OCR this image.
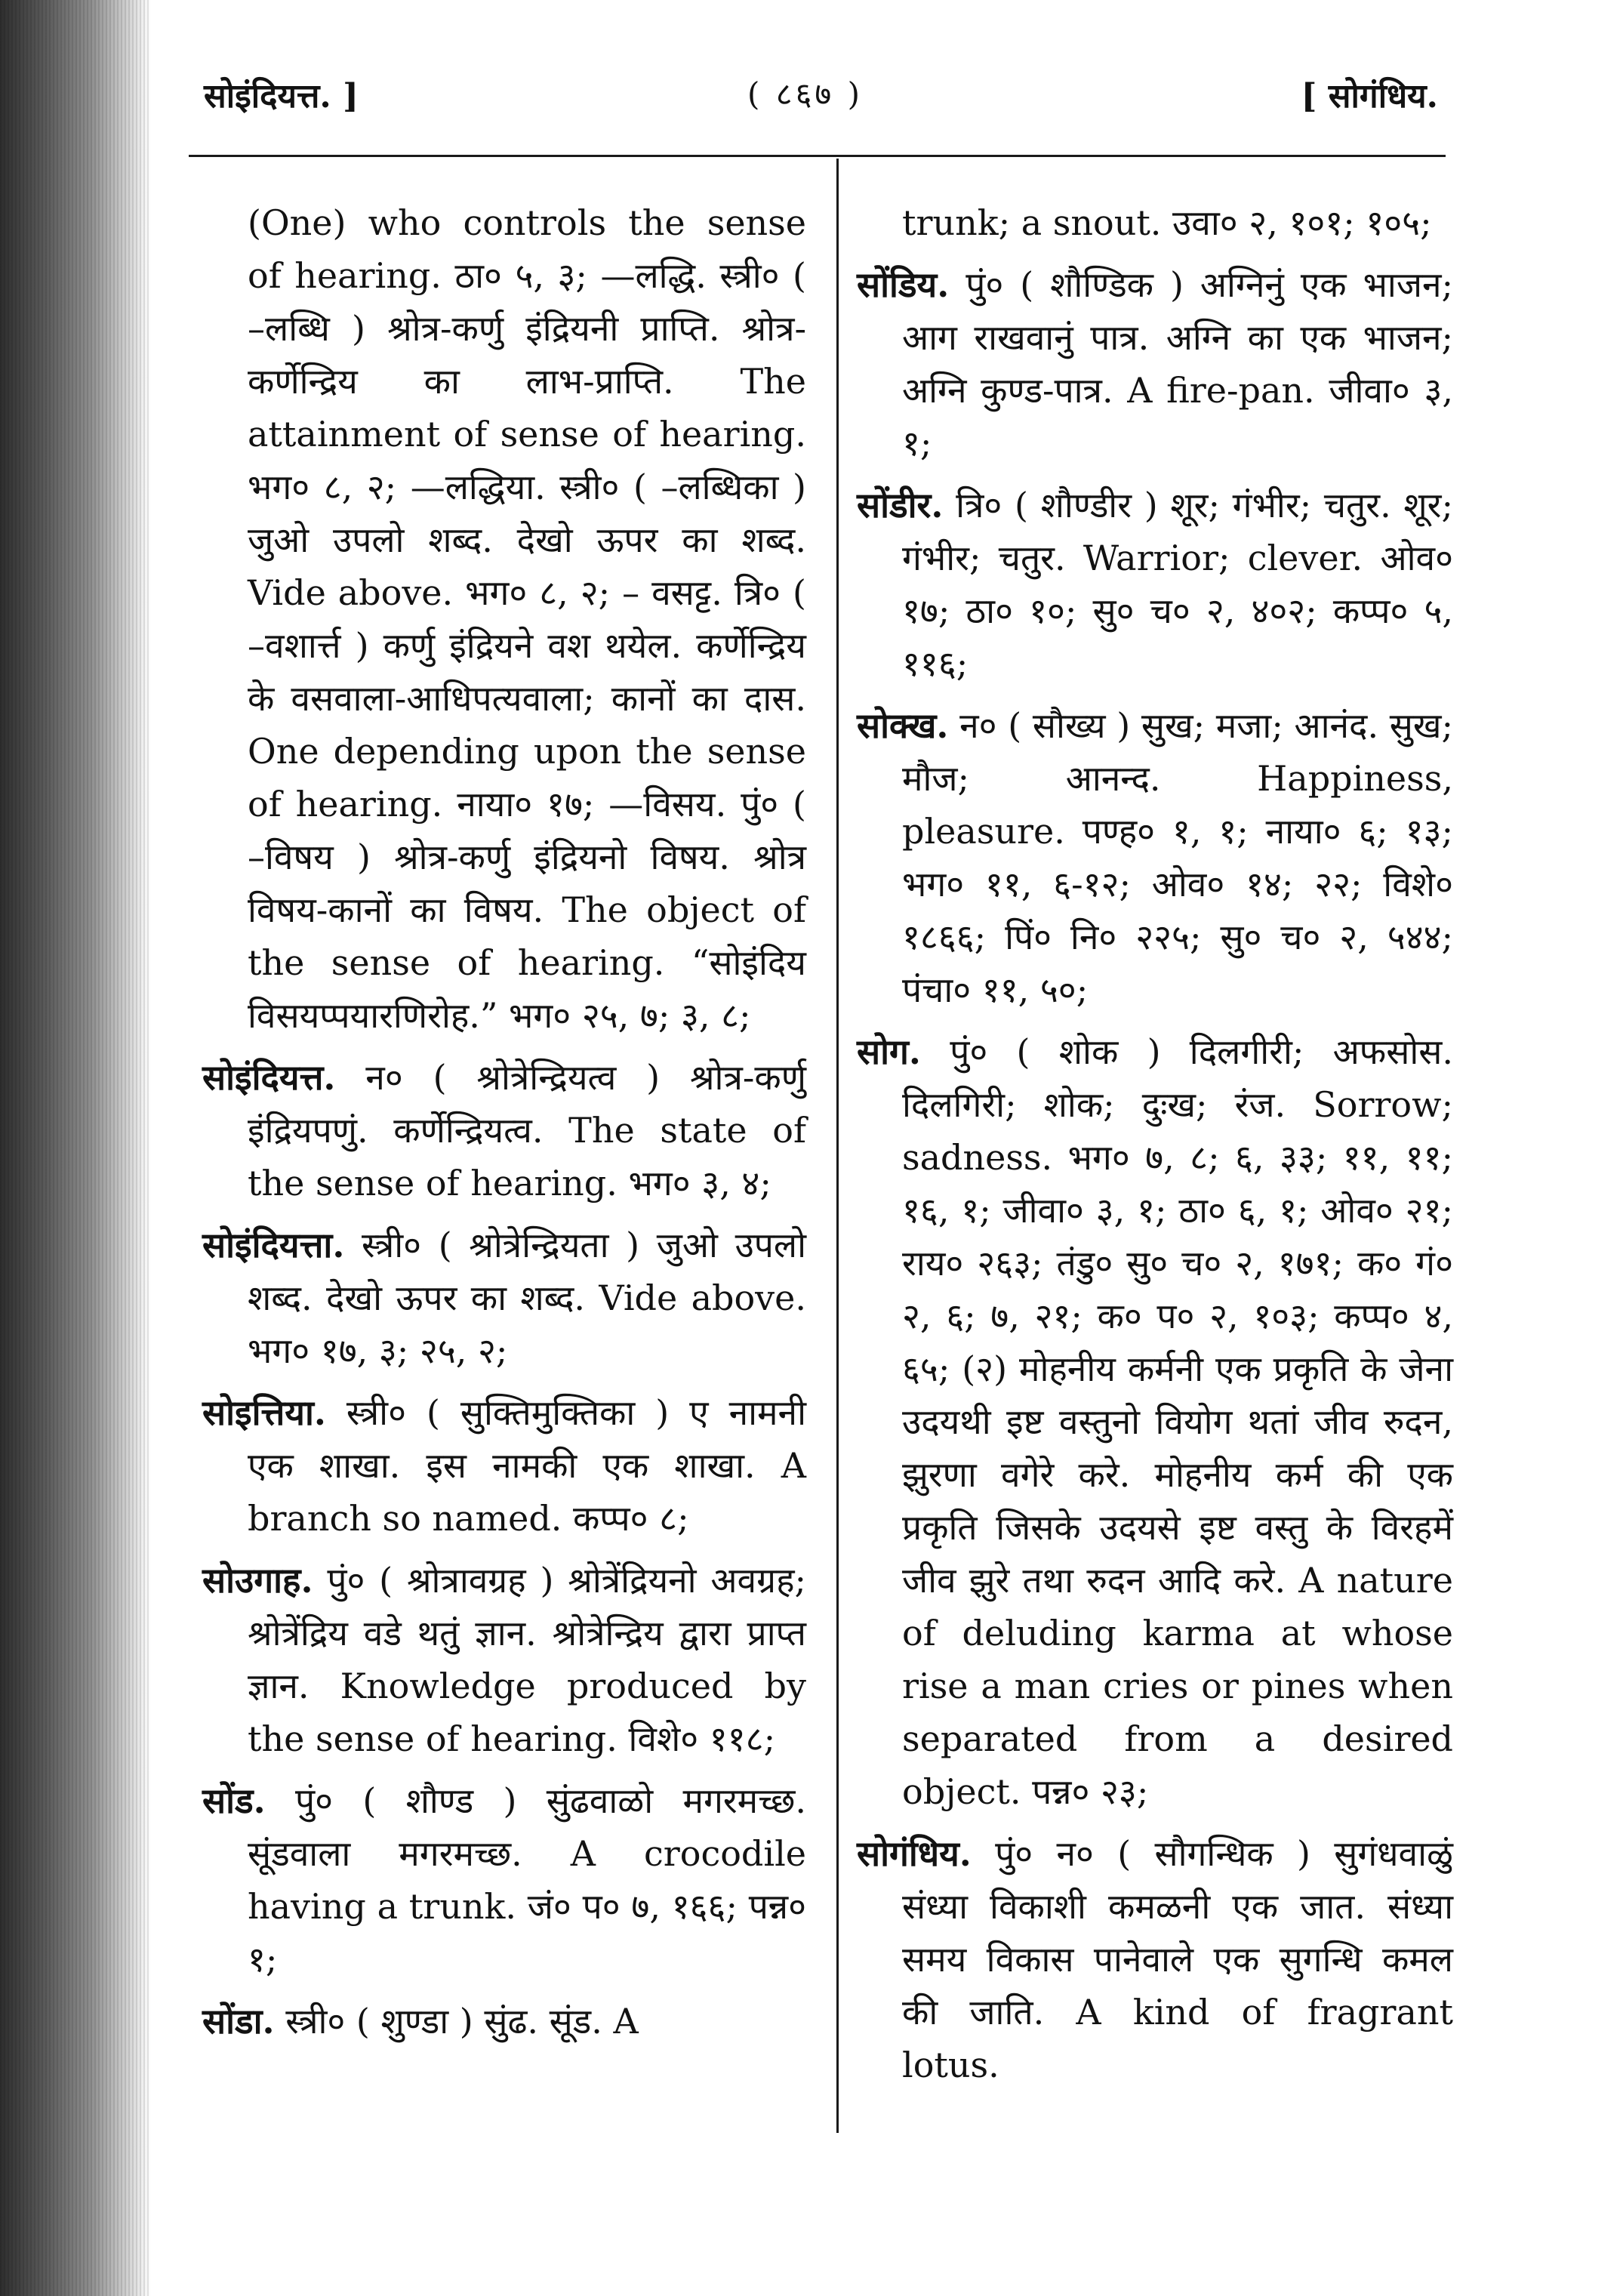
सोइंदियत्त. ]	( ८६७ )	[ सोगंधिय.

(One) who controls the sense of hearing. ठा० ५, ३; —लद्धि. स्त्री० ( –लब्धि ) श्रोत्र-कर्णु इंद्रियनी प्राप्ति. श्रोत्र-कर्णेन्द्रिय का लाभ-प्राप्ति. The attainment of sense of hearing. भग० ८, २; —लद्धिया. स्त्री० ( –लब्धिका ) जुओ उपलो शब्द. देखो ऊपर का शब्द. Vide above. भग० ८, २; – वसट्ट. त्रि० ( –वशार्त्त ) कर्णु इंद्रियने वश थयेल. कर्णेन्द्रिय के वसवाला-आधिपत्यवाला; कानों का दास. One depending upon the sense of hearing. नाया० १७; —विसय. पुं० ( –विषय ) श्रोत्र-कर्णु इंद्रियनो विषय. श्रोत्र विषय-कानों का विषय. The object of the sense of hearing. “सोइंदिय विसयप्पयारणिरोह.” भग० २५, ७; ३, ८;

सोइंदियत्त. न० ( श्रोत्रेन्द्रियत्व ) श्रोत्र-कर्णु इंद्रियपणुं. कर्णेन्द्रियत्व. The state of the sense of hearing. भग० ३, ४;

सोइंदियत्ता. स्त्री० ( श्रोत्रेन्द्रियता ) जुओ उपलो शब्द. देखो ऊपर का शब्द. Vide above. भग० १७, ३; २५, २;

सोइत्तिया. स्त्री० ( सुक्तिमुक्तिका ) ए नामनी एक शाखा. इस नामकी एक शाखा. A branch so named. कप्प० ८;

सोउगाह. पुं० ( श्रोत्रावग्रह ) श्रोत्रेंद्रियनो अवग्रह; श्रोत्रेंद्रिय वडे थतुं ज्ञान. श्रोत्रेन्द्रिय द्वारा प्राप्त ज्ञान. Knowledge produced by the sense of hearing. विशे० ११८;

सोंड. पुं० ( शौण्ड ) सुंढवाळो मगरमच्छ. सूंडवाला मगरमच्छ. A crocodile having a trunk. जं० प० ७, १६६; पन्न० १;

सोंडा. स्त्री० ( शुण्डा ) सुंढ. सूंड. A

trunk; a snout. उवा० २, १०१; १०५;

सोंडिय. पुं० ( शौण्डिक ) अग्निनुं एक भाजन; आग राखवानुं पात्र. अग्नि का एक भाजन; अग्नि कुण्ड-पात्र. A fire-pan. जीवा० ३, १;

सोंडीर. त्रि० ( शौण्डीर ) शूर; गंभीर; चतुर. शूर; गंभीर; चतुर. Warrior; clever. ओव० १७; ठा० १०; सु० च० २, ४०२; कप्प० ५, ११६;

सोक्ख. न० ( सौख्य ) सुख; मजा; आनंद. सुख; मौज; आनन्द. Happiness, pleasure. पण्ह० १, १; नाया० ६; १३; भग० ११, ६-१२; ओव० १४; २२; विशे० १८६६; पिं० नि० २२५; सु० च० २, ५४४; पंचा० ११, ५०;

सोग. पुं० ( शोक ) दिलगीरी; अफसोस. दिलगिरी; शोक; दुःख; रंज. Sorrow; sadness. भग० ७, ८; ६, ३३; ११, ११; १६, १; जीवा० ३, १; ठा० ६, १; ओव० २१; राय० २६३; तंडु० सु० च० २, १७१; क० गं० २, ६; ७, २१; क० प० २, १०३; कप्प० ४, ६५; (२) मोहनीय कर्मनी एक प्रकृति के जेना उदयथी इष्ट वस्तुनो वियोग थतां जीव रुदन, झुरणा वगेरे करे. मोहनीय कर्म की एक प्रकृति जिसके उदयसे इष्ट वस्तु के विरहमें जीव झुरे तथा रुदन आदि करे. A nature of deluding karma at whose rise a man cries or pines when separated from a desired object. पन्न० २३;

सोगंधिय. पुं० न० ( सौगन्धिक ) सुगंधवाळुं संध्या विकाशी कमळनी एक जात. संध्या समय विकास पानेवाले एक सुगन्धि कमल की जाति. A kind of fragrant lotus.
